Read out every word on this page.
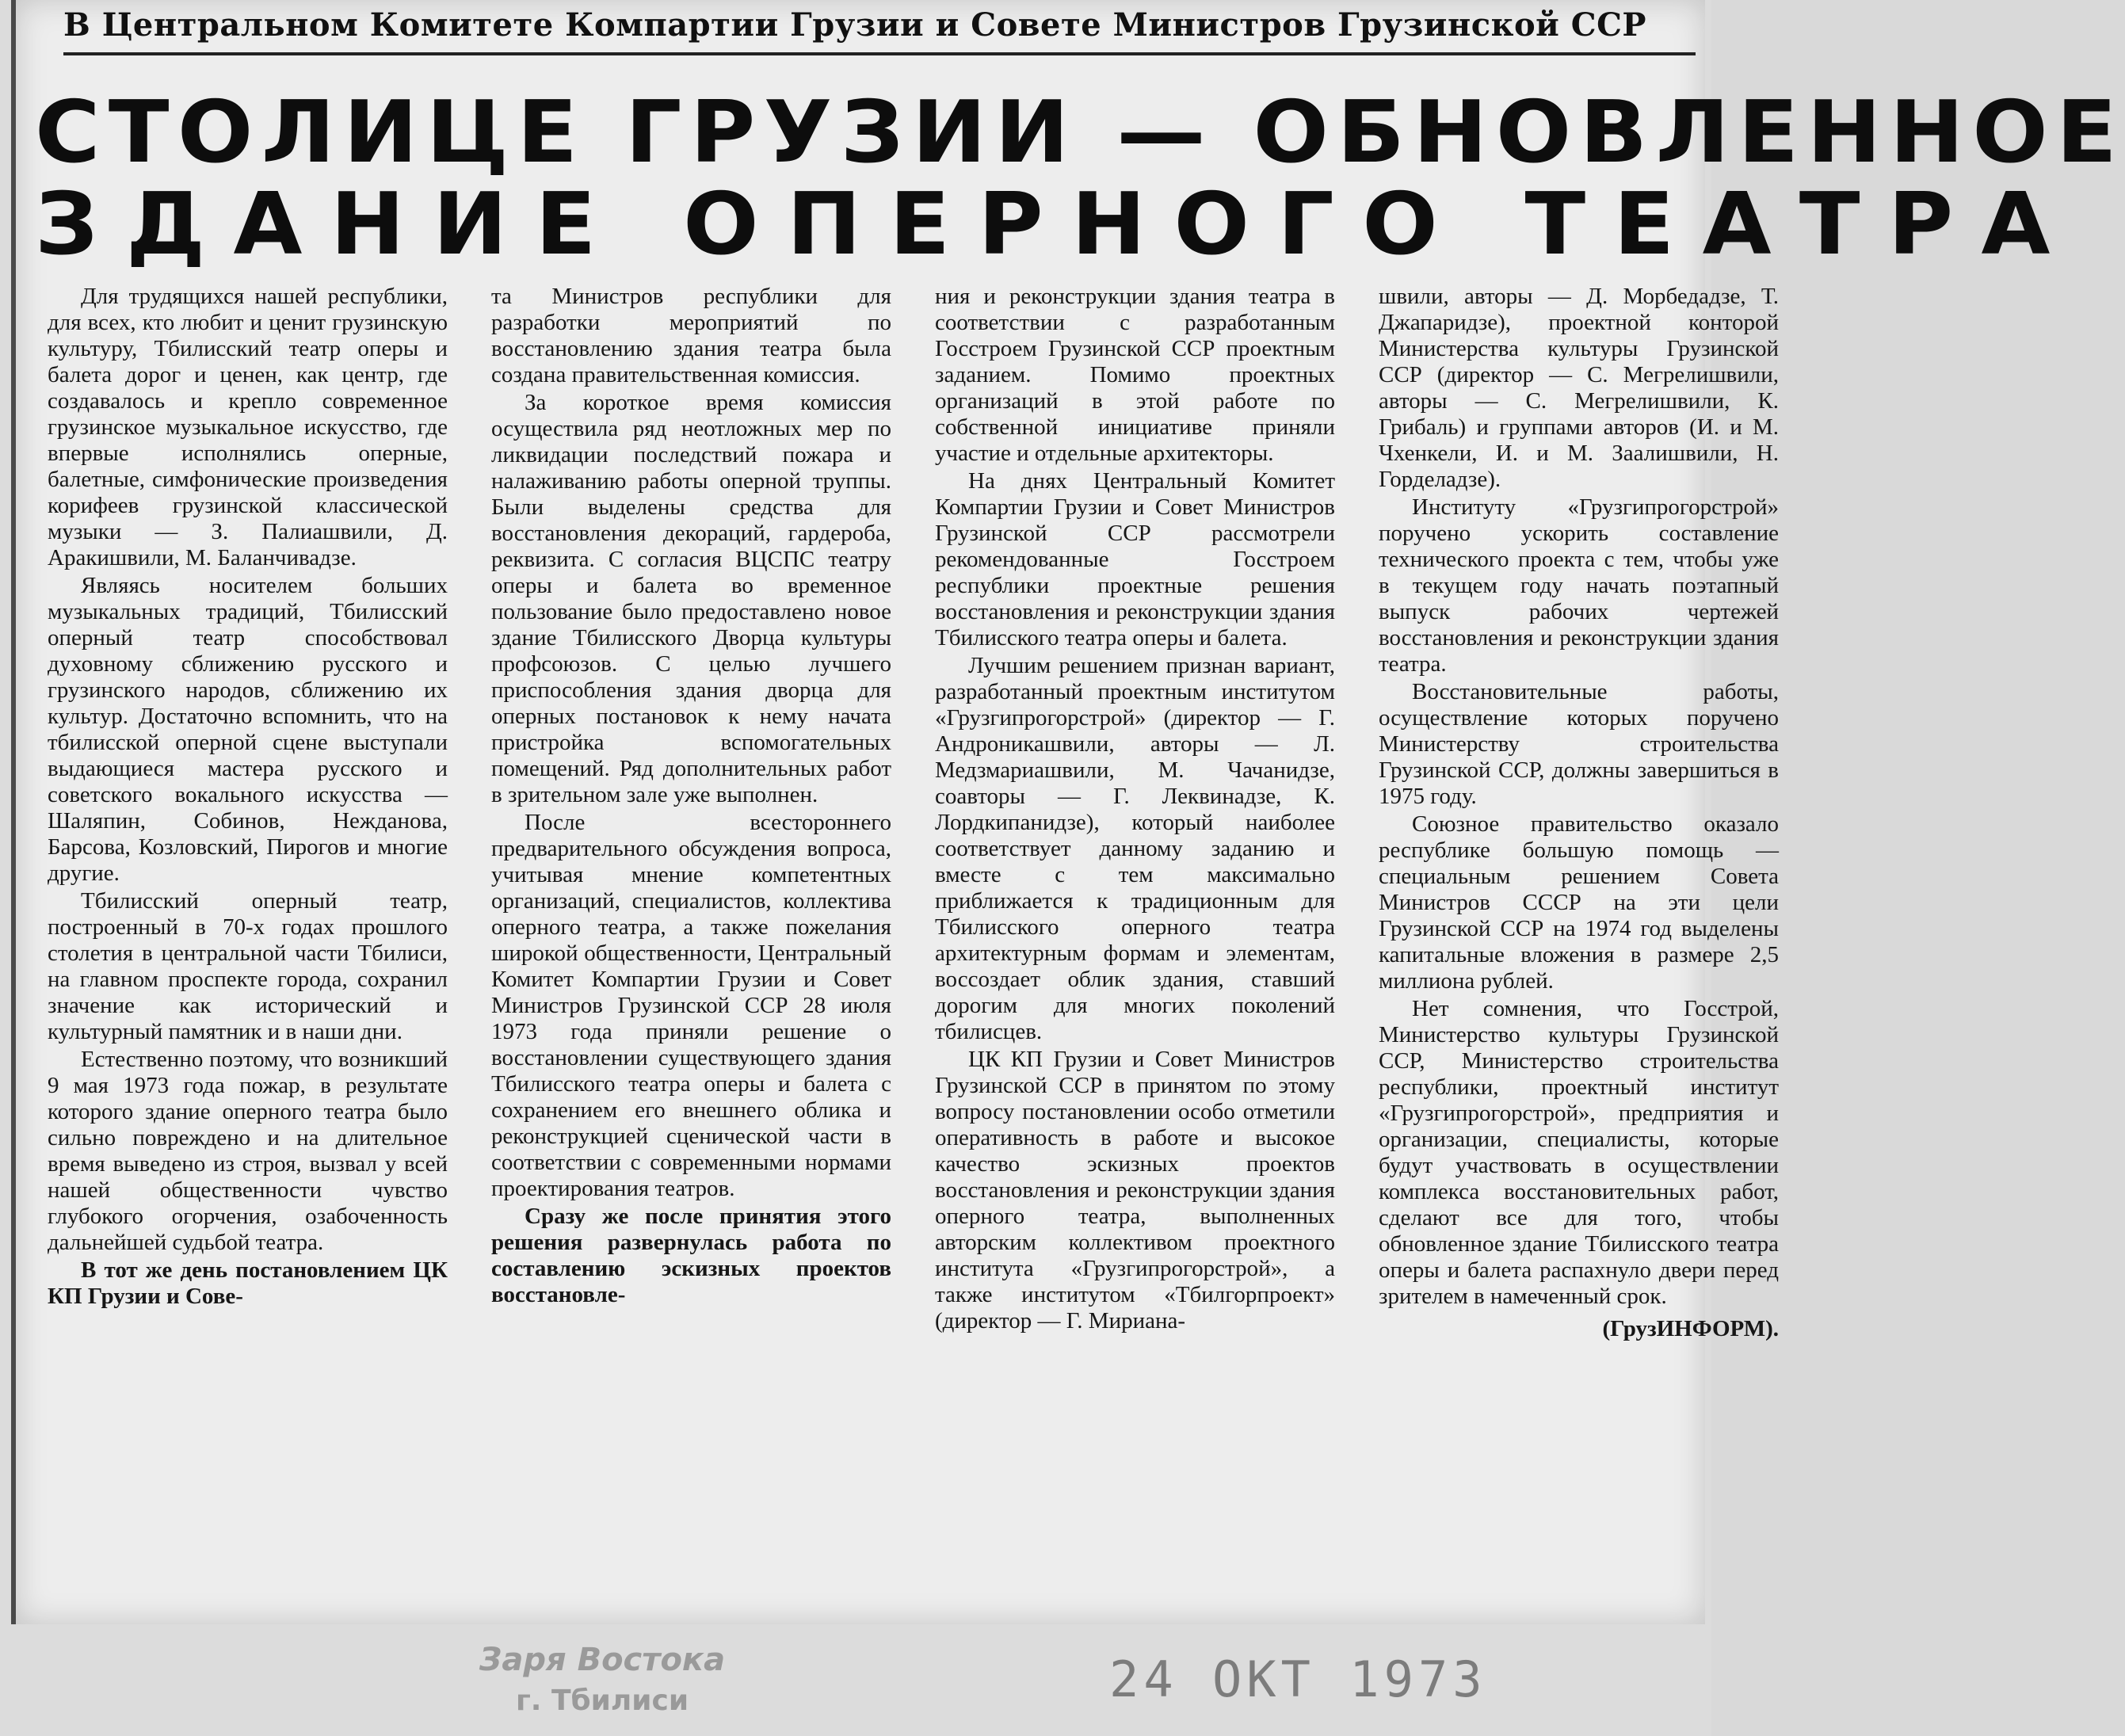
В Центральном Комитете Компартии Грузии и Совете Министров Грузинской ССР
СТОЛИЦЕ ГРУЗИИ — ОБНОВЛЕННОЕ
ЗДАНИЕ ОПЕРНОГО ТЕАТРА

Для трудящихся нашей республики, для всех, кто любит и ценит грузинскую культуру, Тбилисский театр оперы и балета дорог и ценен, как центр, где создавалось и крепло современное грузинское музыкальное искусство, где впервые исполнялись оперные, балетные, симфонические произведения корифеев грузинской классической музыки — З. Палиашвили, Д. Аракишвили, М. Баланчивадзе.

Являясь носителем больших музыкальных традиций, Тбилисский оперный театр способствовал духовному сближению русского и грузинского народов, сближению их культур. Достаточно вспомнить, что на тбилисской оперной сцене выступали выдающиеся мастера русского и советского вокального искусства — Шаляпин, Собинов, Нежданова, Барсова, Козловский, Пирогов и многие другие.

Тбилисский оперный театр, построенный в 70-х годах прошлого столетия в центральной части Тбилиси, на главном проспекте города, сохранил значение как исторический и культурный памятник и в наши дни.

Естественно поэтому, что возникший 9 мая 1973 года пожар, в результате которого здание оперного театра было сильно повреждено и на длительное время выведено из строя, вызвал у всей нашей общественности чувство глубокого огорчения, озабоченность дальнейшей судьбой театра.

В тот же день постановлением ЦК КП Грузии и Сове-

та Министров республики для разработки мероприятий по восстановлению здания театра была создана правительственная комиссия.

За короткое время комиссия осуществила ряд неотложных мер по ликвидации последствий пожара и налаживанию работы оперной труппы. Были выделены средства для восстановления декораций, гардероба, реквизита. С согласия ВЦСПС театру оперы и балета во временное пользование было предоставлено новое здание Тбилисского Дворца культуры профсоюзов. С целью лучшего приспособления здания дворца для оперных постановок к нему начата пристройка вспомогательных помещений. Ряд дополнительных работ в зрительном зале уже выполнен.

После всестороннего предварительного обсуждения вопроса, учитывая мнение компетентных организаций, специалистов, коллектива оперного театра, а также пожелания широкой общественности, Центральный Комитет Компартии Грузии и Совет Министров Грузинской ССР 28 июля 1973 года приняли решение о восстановлении существующего здания Тбилисского театра оперы и балета с сохранением его внешнего облика и реконструкцией сценической части в соответствии с современными нормами проектирования театров.

Сразу же после принятия этого решения развернулась работа по составлению эскизных проектов восстановле-

ния и реконструкции здания театра в соответствии с разработанным Госстроем Грузинской ССР проектным заданием. Помимо проектных организаций в этой работе по собственной инициативе приняли участие и отдельные архитекторы.

На днях Центральный Комитет Компартии Грузии и Совет Министров Грузинской ССР рассмотрели рекомендованные Госстроем республики проектные решения восстановления и реконструкции здания Тбилисского театра оперы и балета.

Лучшим решением признан вариант, разработанный проектным институтом «Грузгипрогорстрой» (директор — Г. Андроникашвили, авторы — Л. Медзмариашвили, М. Чачанидзе, соавторы — Г. Леквинадзе, К. Лордкипанидзе), который наиболее соответствует данному заданию и вместе с тем максимально приближается к традиционным для Тбилисского оперного театра архитектурным формам и элементам, воссоздает облик здания, ставший дорогим для многих поколений тбилисцев.

ЦК КП Грузии и Совет Министров Грузинской ССР в принятом по этому вопросу постановлении особо отметили оперативность в работе и высокое качество эскизных проектов восстановления и реконструкции здания оперного театра, выполненных авторским коллективом проектного института «Грузгипрогорстрой», а также институтом «Тбилгорпроект» (директор — Г. Мириана-

швили, авторы — Д. Морбедадзе, Т. Джапаридзе), проектной конторой Министерства культуры Грузинской ССР (директор — С. Мегрелишвили, авторы — С. Мегрелишвили, К. Грибаль) и группами авторов (И. и М. Чхенкели, И. и М. Заалишвили, Н. Горделадзе).

Институту «Грузгипрогорстрой» поручено ускорить составление технического проекта с тем, чтобы уже в текущем году начать поэтапный выпуск рабочих чертежей восстановления и реконструкции здания театра.

Восстановительные работы, осуществление которых поручено Министерству строительства Грузинской ССР, должны завершиться в 1975 году.

Союзное правительство оказало республике большую помощь — специальным решением Совета Министров СССР на эти цели Грузинской ССР на 1974 год выделены капитальные вложения в размере 2,5 миллиона рублей.

Нет сомнения, что Госстрой, Министерство культуры Грузинской ССР, Министерство строительства республики, проектный институт «Грузгипрогорстрой», предприятия и организации, специалисты, которые будут участвовать в осуществлении комплекса восстановительных работ, сделают все для того, чтобы обновленное здание Тбилисского театра оперы и балета распахнуло двери перед зрителем в намеченный срок.

(ГрузИНФОРМ).

Заря Востока
г. Тбилиси	24 ОКТ 1973
